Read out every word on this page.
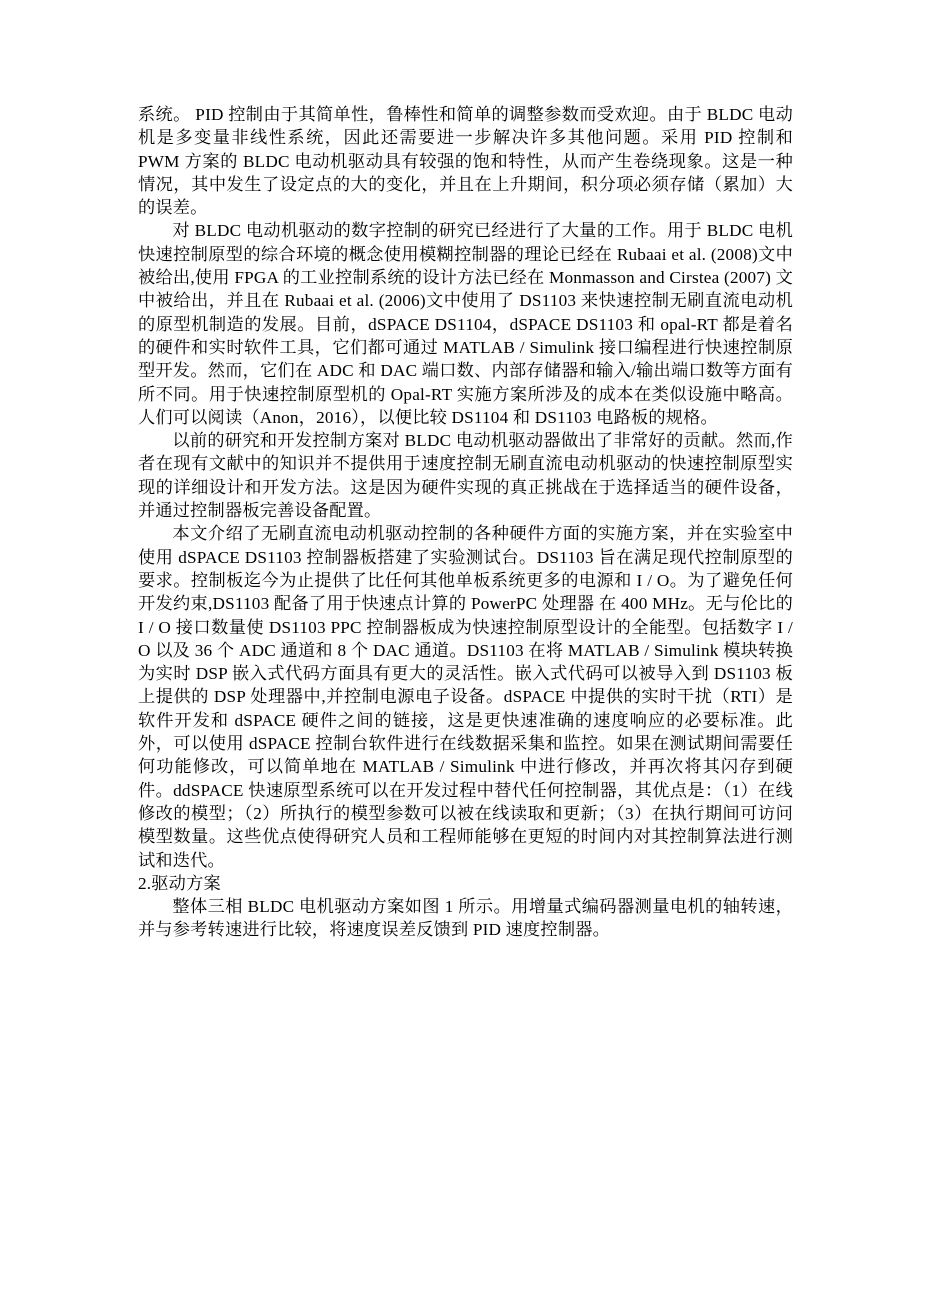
系统。 PID 控制由于其简单性，鲁棒性和简单的调整参数而受欢迎。由于 BLDC 电动机是多变量非线性系统，因此还需要进一步解决许多其他问题。采用 PID 控制和 PWM 方案的 BLDC 电动机驱动具有较强的饱和特性，从而产生卷绕现象。这是一种情况，其中发生了设定点的大的变化，并且在上升期间，积分项必须存储（累加）大的误差。

对 BLDC 电动机驱动的数字控制的研究已经进行了大量的工作。用于 BLDC 电机快速控制原型的综合环境的概念使用模糊控制器的理论已经在 Rubaai et al. (2008)文中被给出,使用 FPGA 的工业控制系统的设计方法已经在 Monmasson and Cirstea (2007) 文中被给出，并且在 Rubaai et al. (2006)文中使用了 DS1103 来快速控制无刷直流电动机的原型机制造的发展。目前，dSPACE DS1104，dSPACE DS1103 和 opal-RT 都是着名的硬件和实时软件工具，它们都可通过 MATLAB / Simulink 接口编程进行快速控制原型开发。然而，它们在 ADC 和 DAC 端口数、内部存储器和输入/输出端口数等方面有所不同。用于快速控制原型机的 Opal-RT 实施方案所涉及的成本在类似设施中略高。人们可以阅读（Anon，2016），以便比较 DS1104 和 DS1103 电路板的规格。

以前的研究和开发控制方案对 BLDC 电动机驱动器做出了非常好的贡献。然而,作者在现有文献中的知识并不提供用于速度控制无刷直流电动机驱动的快速控制原型实现的详细设计和开发方法。这是因为硬件实现的真正挑战在于选择适当的硬件设备，并通过控制器板完善设备配置。

本文介绍了无刷直流电动机驱动控制的各种硬件方面的实施方案，并在实验室中使用 dSPACE DS1103 控制器板搭建了实验测试台。DS1103 旨在满足现代控制原型的要求。控制板迄今为止提供了比任何其他单板系统更多的电源和 I / O。为了避免任何开发约束,DS1103 配备了用于快速点计算的 PowerPC 处理器 在 400 MHz。无与伦比的 I / O 接口数量使 DS1103 PPC 控制器板成为快速控制原型设计的全能型。包括数字 I / O 以及 36 个 ADC 通道和 8 个 DAC 通道。DS1103 在将 MATLAB / Simulink 模块转换为实时 DSP 嵌入式代码方面具有更大的灵活性。嵌入式代码可以被导入到 DS1103 板上提供的 DSP 处理器中,并控制电源电子设备。dSPACE 中提供的实时干扰（RTI）是软件开发和 dSPACE 硬件之间的链接，这是更快速准确的速度响应的必要标准。此外，可以使用 dSPACE 控制台软件进行在线数据采集和监控。如果在测试期间需要任何功能修改，可以简单地在 MATLAB / Simulink 中进行修改，并再次将其闪存到硬件。ddSPACE 快速原型系统可以在开发过程中替代任何控制器，其优点是：（1）在线修改的模型；（2）所执行的模型参数可以被在线读取和更新；（3）在执行期间可访问模型数量。这些优点使得研究人员和工程师能够在更短的时间内对其控制算法进行测试和迭代。

2.驱动方案

整体三相 BLDC 电机驱动方案如图 1 所示。用增量式编码器测量电机的轴转速，并与参考转速进行比较，将速度误差反馈到 PID 速度控制器。
